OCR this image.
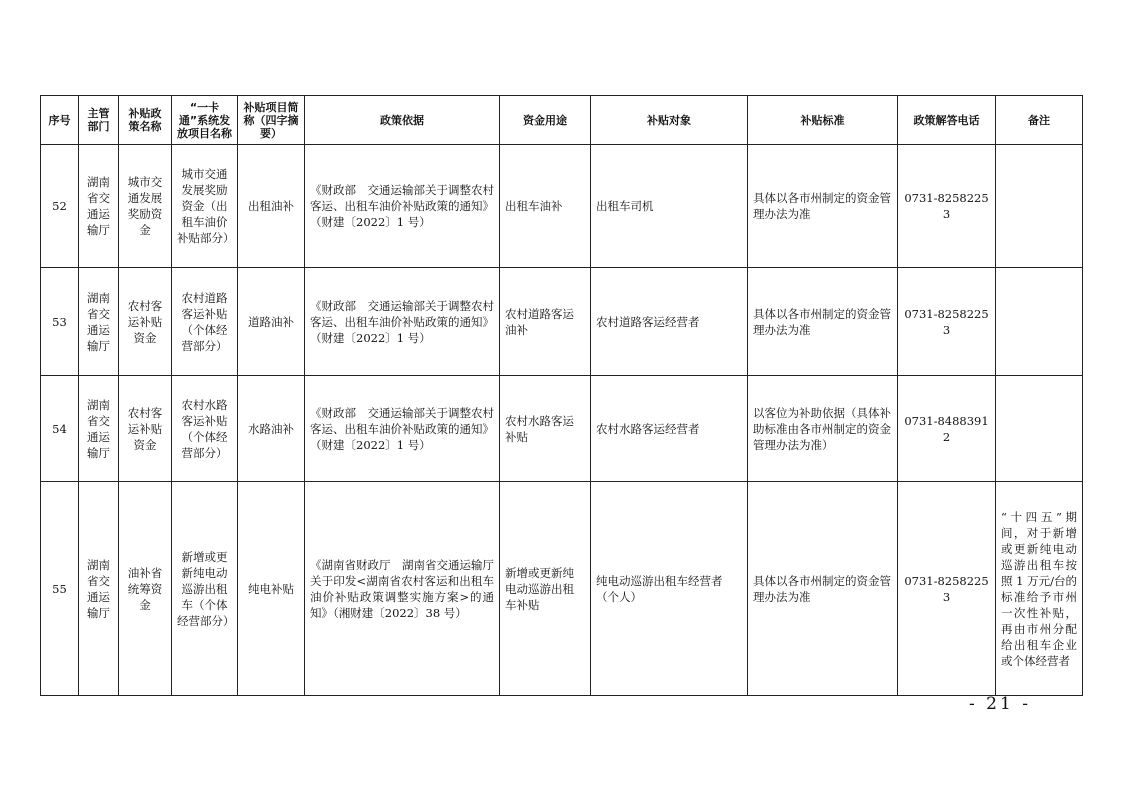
序号	主管部门	补贴政策名称	“一卡通”系统发放项目名称	补贴项目简称（四字摘要）	政策依据	资金用途	补贴对象	补贴标准	政策解答电话	备注
52	湖南省交通运输厅	城市交通发展奖励资金	城市交通发展奖励资金（出租车油价补贴部分）	出租油补	《财政部　交通运输部关于调整农村客运、出租车油价补贴政策的通知》（财建〔2022〕1 号）	出租车油补	出租车司机	具体以各市州制定的资金管理办法为准	0731-82582253	
53	湖南省交通运输厅	农村客运补贴资金	农村道路客运补贴（个体经营部分）	道路油补	《财政部　交通运输部关于调整农村客运、出租车油价补贴政策的通知》（财建〔2022〕1 号）	农村道路客运油补	农村道路客运经营者	具体以各市州制定的资金管理办法为准	0731-82582253	
54	湖南省交通运输厅	农村客运补贴资金	农村水路客运补贴（个体经营部分）	水路油补	《财政部　交通运输部关于调整农村客运、出租车油价补贴政策的通知》（财建〔2022〕1 号）	农村水路客运补贴	农村水路客运经营者	以客位为补助依据（具体补助标准由各市州制定的资金管理办法为准）	0731-84883912	
55	湖南省交通运输厅	油补省统筹资金	新增或更新纯电动巡游出租车（个体经营部分）	纯电补贴	《湖南省财政厅　湖南省交通运输厅关于印发<湖南省农村客运和出租车油价补贴政策调整实施方案>的通知》（湘财建〔2022〕38 号）	新增或更新纯电动巡游出租车补贴	纯电动巡游出租车经营者（个人）	具体以各市州制定的资金管理办法为准	0731-82582253	“十四五”期间，对于新增或更新纯电动巡游出租车按照 1 万元/台的标准给予市州一次性补贴，再由市州分配给出租车企业或个体经营者
- 21 -
